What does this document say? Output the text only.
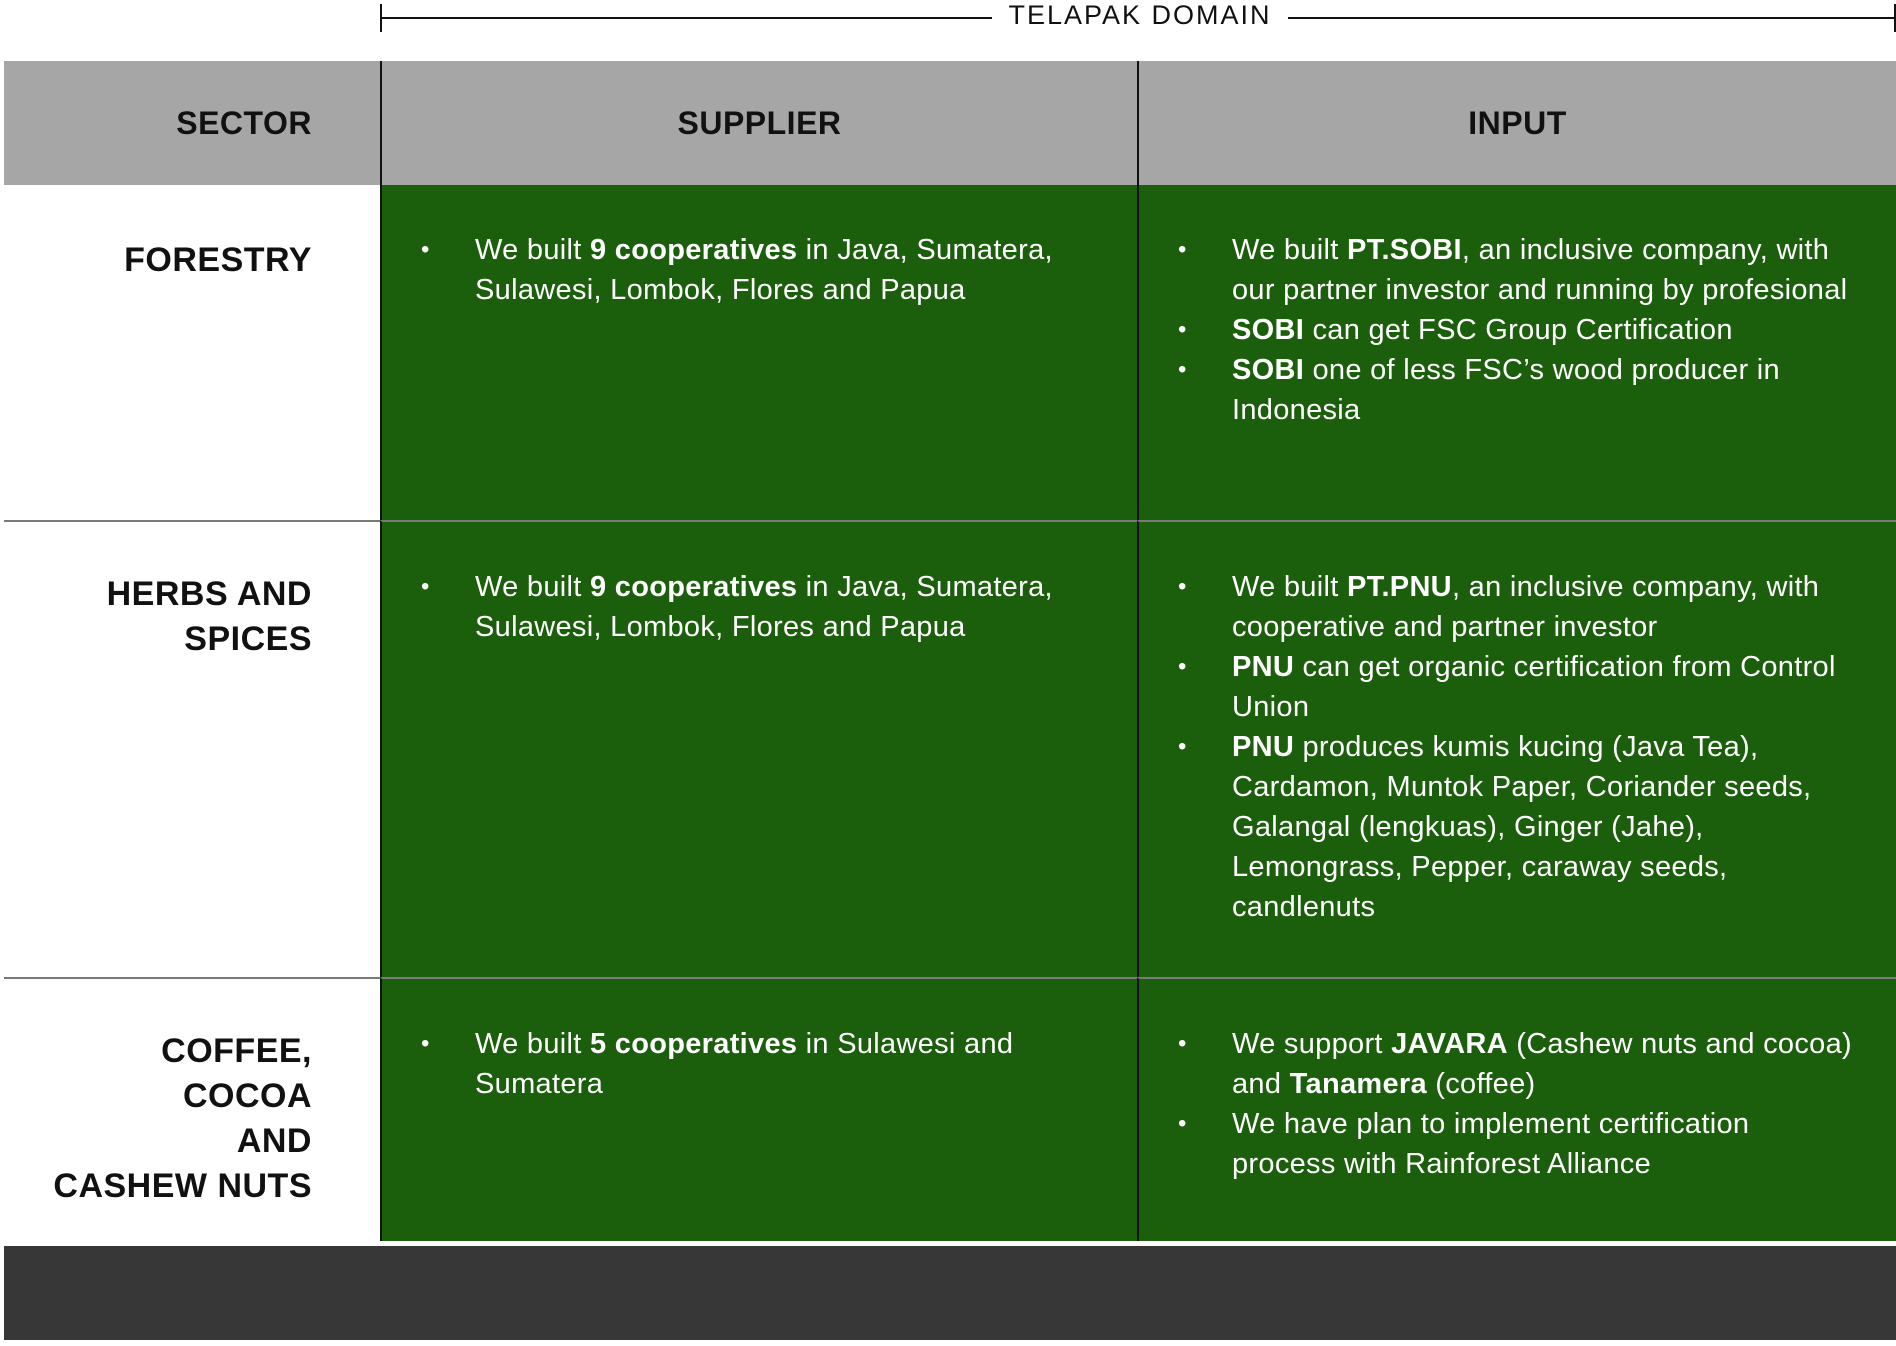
TELAPAK DOMAIN
SECTOR	SUPPLIER	INPUT
FORESTRY
•	We built 9 cooperatives in Java, Sumatera, Sulawesi, Lombok, Flores and Papua
• We built PT.SOBI, an inclusive company, with our partner investor and running by profesional
• SOBI can get FSC Group Certification
• SOBI one of less FSC’s wood producer in Indonesia
HERBS AND
SPICES
• We built 9 cooperatives in Java, Sumatera, Sulawesi, Lombok, Flores and Papua
• We built PT.PNU, an inclusive company, with cooperative and partner investor
• PNU can get organic certification from Control Union
• PNU produces kumis kucing (Java Tea), Cardamon, Muntok Paper, Coriander seeds, Galangal (lengkuas), Ginger (Jahe), Lemongrass, Pepper, caraway seeds, candlenuts
COFFEE,
COCOA
AND
CASHEW NUTS
• We built 5 cooperatives in Sulawesi and Sumatera
• We support JAVARA (Cashew nuts and cocoa) and Tanamera (coffee)
• We have plan to implement certification process with Rainforest Alliance
